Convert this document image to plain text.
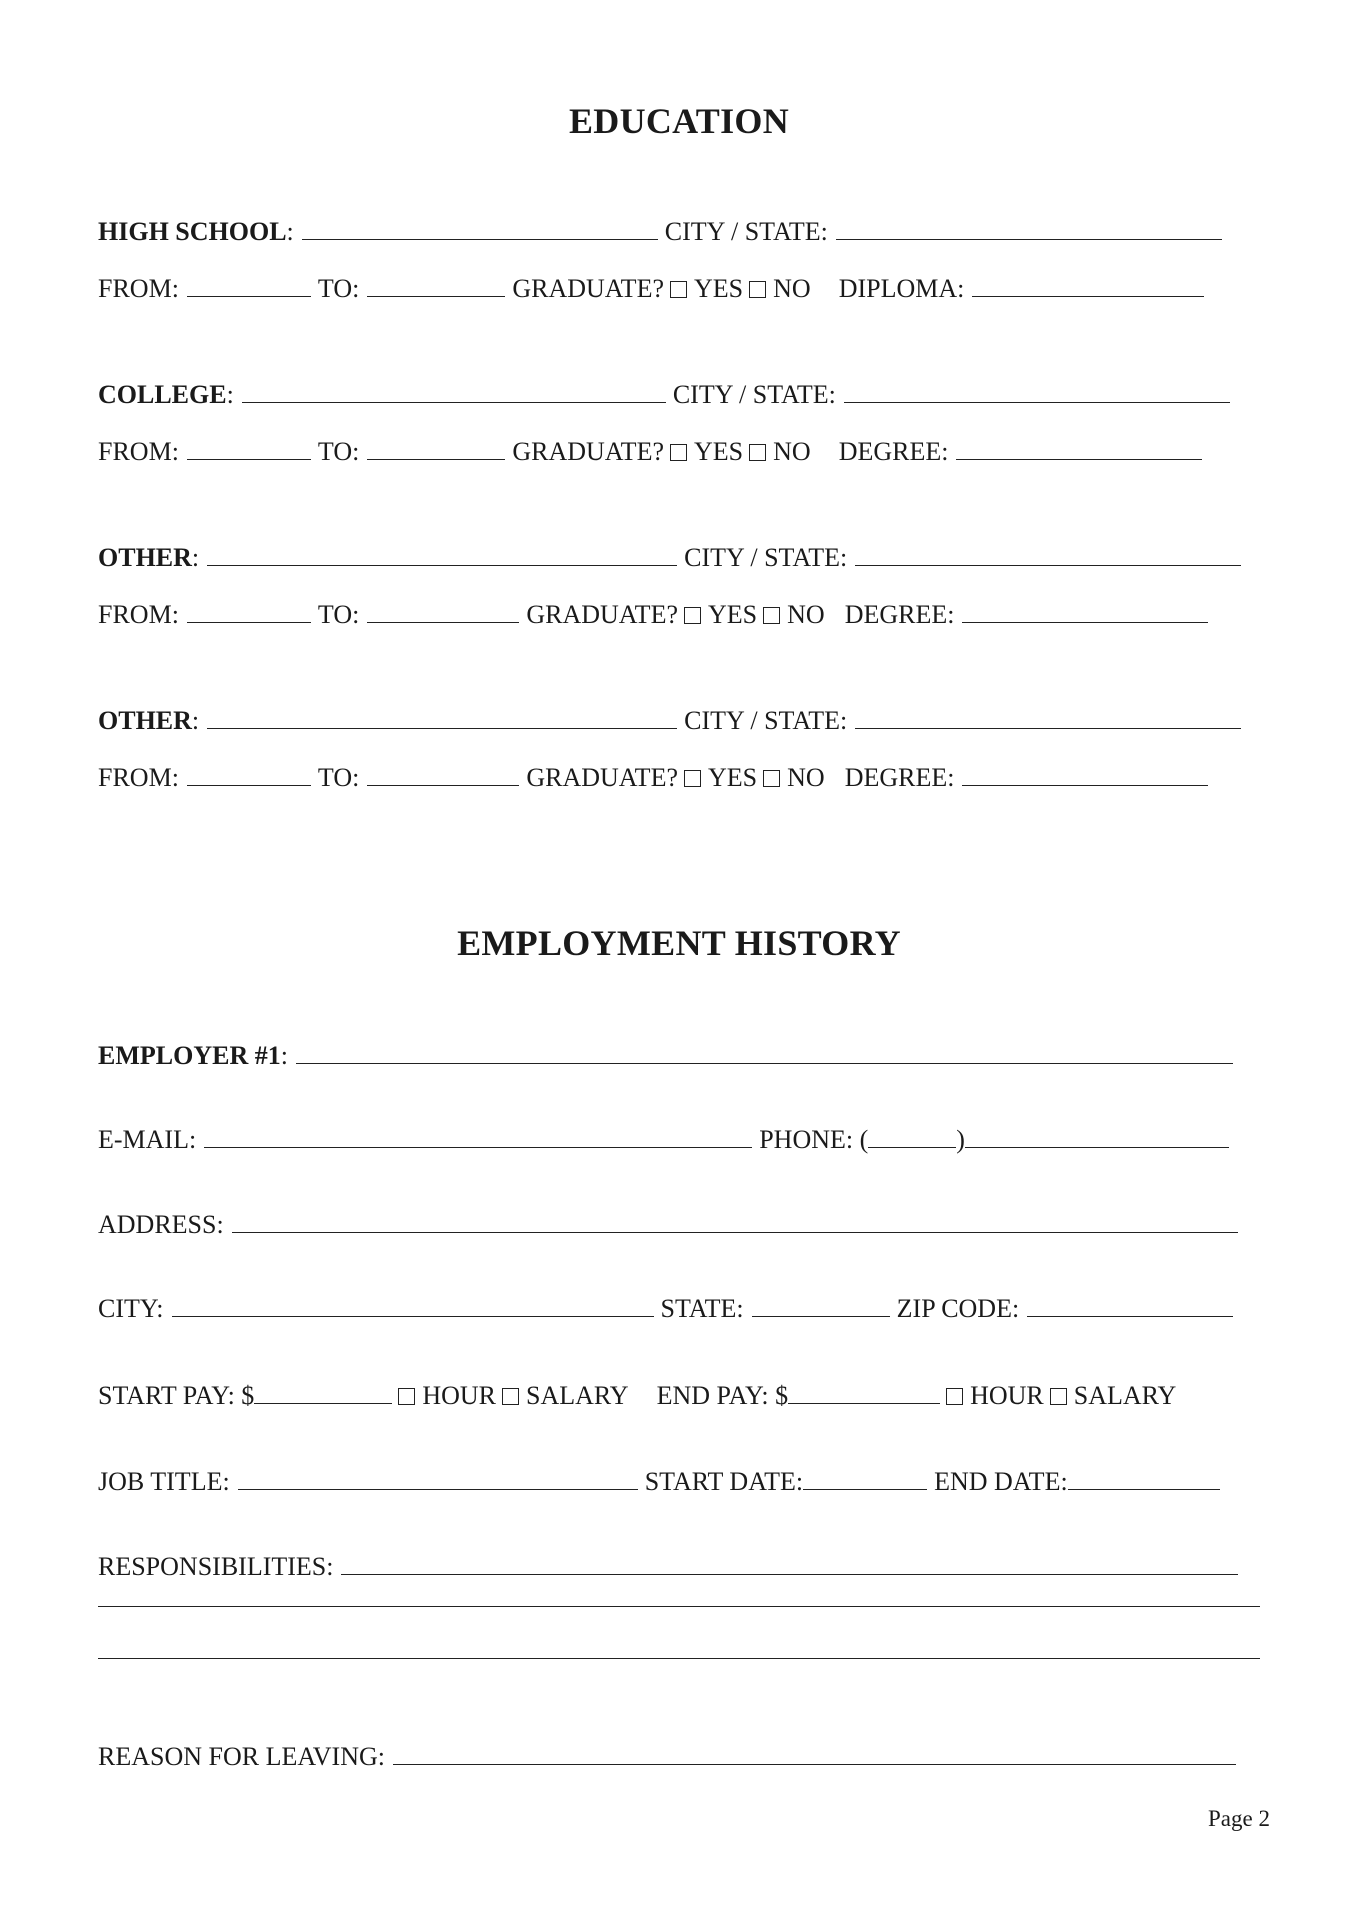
EDUCATION
HIGH SCHOOL :	CITY / STATE:
FROM:	TO:	GRADUATE? YES NO DIPLOMA:
COLLEGE :	CITY / STATE:
FROM:	TO:	GRADUATE? YES NO DEGREE:
OTHER :	CITY / STATE:
FROM:	TO:	GRADUATE? YES NO DEGREE:
OTHER :	CITY / STATE:
FROM:	TO:	GRADUATE? YES NO DEGREE:
EMPLOYMENT HISTORY
EMPLOYER #1 :
E-MAIL:	PHONE: (	)
ADDRESS:
CITY:	STATE:	ZIP CODE:
START PAY: $	HOUR SALARY END PAY: $	HOUR SALARY
JOB TITLE:	START DATE:	END DATE:
RESPONSIBILITIES:
REASON FOR LEAVING:
Page 2
